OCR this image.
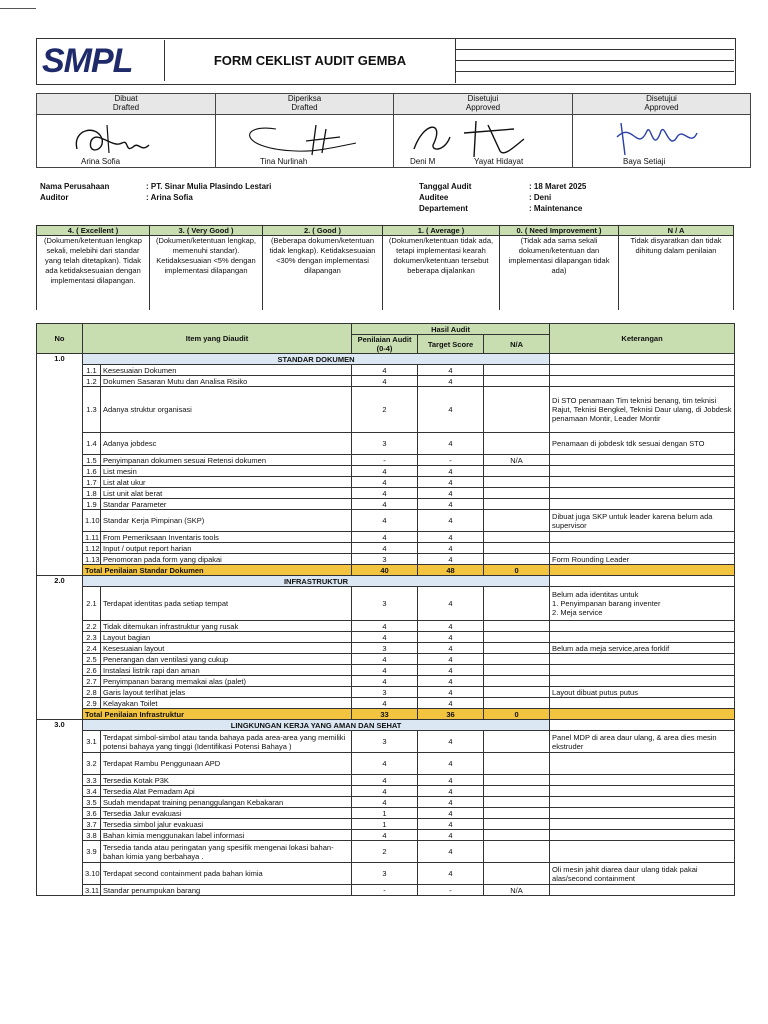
SMPL	FORM CEKLIST AUDIT GEMBA
Dibuat
Drafted	Diperiksa
Drafted	Disetujui
Approved	Disetujui
Approved

Arina Sofia	Tina Nurlinah	Deni M Yayat Hidayat	Baya Setiaji
Nama Perusahaan	: PT. Sinar Mulia Plasindo Lestari
Auditor	: Arina Sofia
Tanggal Audit	: 18 Maret 2025
Auditee	: Deni
Departement	: Maintenance
4. ( Excellent )	3. ( Very Good )	2. ( Good )	1. ( Average )	0. ( Need Improvement )	N / A
(Dokumen/ketentuan lengkap sekali, melebihi dari standar yang telah ditetapkan). Tidak ada ketidaksesuaian dengan implementasi dilapangan.	(Dokumen/ketentuan lengkap, memenuhi standar). Ketidaksesuaian <5% dengan implementasi dilapangan	(Beberapa dokumen/ketentuan tidak lengkap). Ketidaksesuaian <30% dengan implementasi dilapangan	(Dokumen/ketentuan tidak ada, tetapi implementasi kearah dokumen/ketentuan tersebut beberapa dijalankan	(Tidak ada sama sekali dokumen/ketentuan dan implementasi dilapangan tidak ada)	Tidak disyaratkan dan tidak dihitung dalam penilaian
No	Item yang Diaudit		Hasil Audit			Keterangan
			Penilaian Audit (0-4)	Target Score	N/A	

1.0	STANDAR DOKUMEN					
	1.1	Kesesuaian Dokumen	4	4		
	1.2	Dokumen Sasaran Mutu dan Analisa Risiko	4	4		
	1.3	Adanya struktur organisasi	2	4		Di STO penamaan Tim teknisi benang, tim teknisi Rajut, Teknisi Bengkel, Teknisi Daur ulang, di Jobdesk penamaan Montir, Leader Montir
	1.4	Adanya jobdesc	3	4		Penamaan di jobdesk tdk sesuai dengan STO
	1.5	Penyimpanan dokumen sesuai Retensi dokumen	-	-	N/A	
	1.6	List mesin	4	4		
	1.7	List alat ukur	4	4		
	1.8	List unit alat berat	4	4		
	1.9	Standar Parameter	4	4		
	1.10	Standar Kerja Pimpinan (SKP)	4	4		Dibuat juga SKP untuk leader karena belum ada supervisor
	1.11	From Pemeriksaan Inventaris tools	4	4		
	1.12	Input / output report harian	4	4		
	1.13	Penomoran pada form yang dipakai	3	4		Form Rounding Leader
	Total Penilaian Standar Dokumen		40	48	0	
2.0	INFRASTRUKTUR					
	2.1	Terdapat identitas pada setiap tempat	3	4		Belum ada identitas untuk
1. Penyimpanan barang inventer
2. Meja service
	2.2	Tidak ditemukan infrastruktur yang rusak	4	4		
	2.3	Layout bagian	4	4		
	2.4	Kesesuaian layout	3	4		Belum ada meja service,area forklif
	2.5	Penerangan dan ventilasi yang cukup	4	4		
	2.6	Instalasi listrik rapi dan aman	4	4		
	2.7	Penyimpanan barang memakai alas (palet)	4	4		
	2.8	Garis layout terlihat jelas	3	4		Layout dibuat putus putus
	2.9	Kelayakan Toilet	4	4		
	Total Penilaian Infrastruktur		33	36	0	
3.0	LINGKUNGAN KERJA YANG AMAN DAN SEHAT					
	3.1	Terdapat simbol-simbol atau tanda bahaya pada area-area yang memiliki potensi bahaya yang tinggi (Identifikasi Potensi Bahaya )	3	4		Panel MDP di area daur ulang, & area dies mesin ekstruder
	3.2	Terdapat Rambu Penggunaan APD	4	4		
	3.3	Tersedia Kotak P3K	4	4		
	3.4	Tersedia Alat Pemadam Api	4	4		
	3.5	Sudah mendapat training penanggulangan Kebakaran	4	4		
	3.6	Tersedia Jalur evakuasi	1	4		
	3.7	Tersedia simbol jalur evakuasi	1	4		
	3.8	Bahan kimia menggunakan label informasi	4	4		
	3.9	Tersedia tanda atau peringatan yang spesifik mengenai lokasi bahan-bahan kimia yang berbahaya .	2	4		
	3.10	Terdapat second containment pada bahan kimia	3	4		Oli mesin jahit diarea daur ulang tidak pakai alas/second containment
	3.11	Standar penumpukan barang	-	-	N/A	
